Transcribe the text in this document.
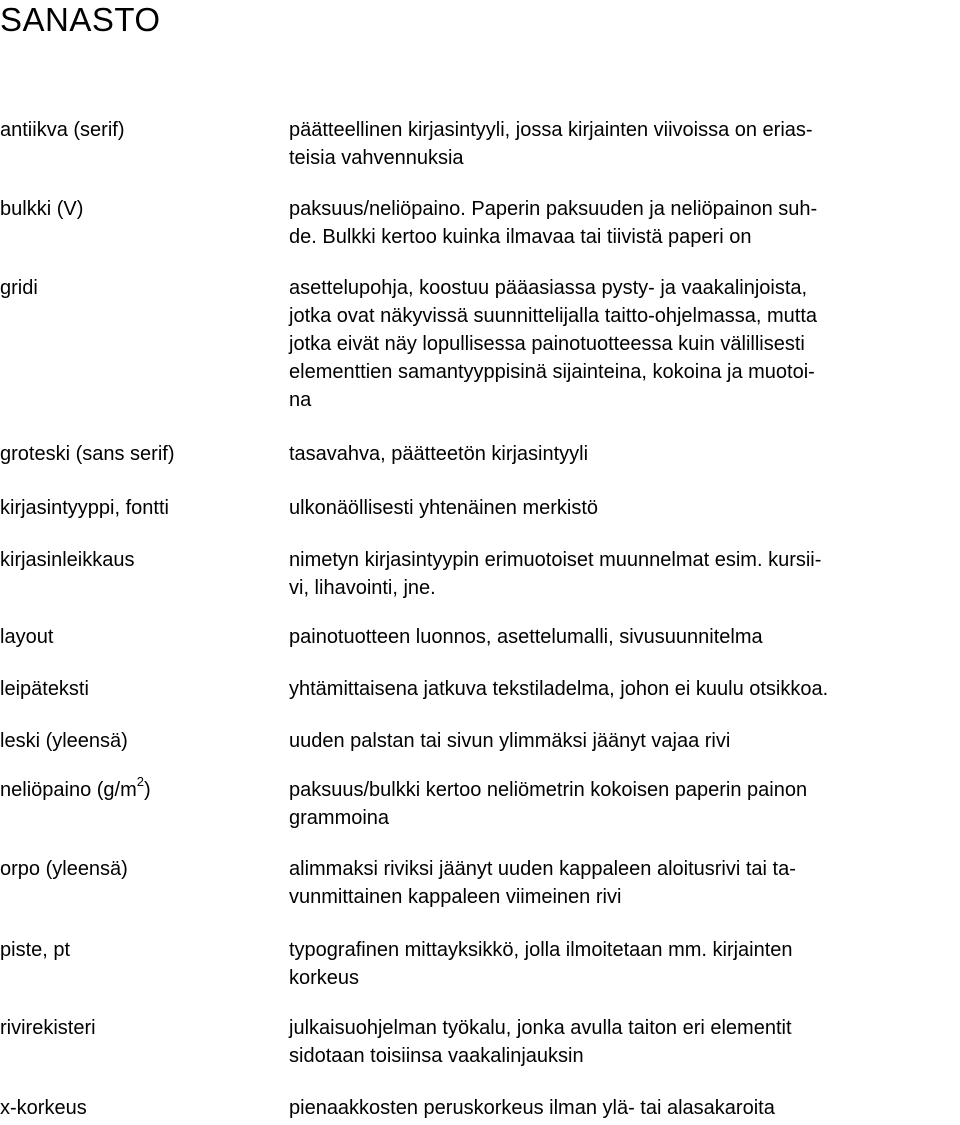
SANASTO
antiikva (serif)	päätteellinen kirjasintyyli, jossa kirjainten viivoissa on erias-
teisia vahvennuksia
bulkki (V)	paksuus/neliöpaino. Paperin paksuuden ja neliöpainon suh-
de. Bulkki kertoo kuinka ilmavaa tai tiivistä paperi on
gridi	asettelupohja, koostuu pääasiassa pysty- ja vaakalinjoista,
jotka ovat näkyvissä suunnittelijalla taitto-ohjelmassa, mutta
jotka eivät näy lopullisessa painotuotteessa kuin välillisesti
elementtien samantyyppisinä sijainteina, kokoina ja muotoi-
na
groteski (sans serif)	tasavahva, päätteetön kirjasintyyli
kirjasintyyppi, fontti	ulkonäöllisesti yhtenäinen merkistö
kirjasinleikkaus	nimetyn kirjasintyypin erimuotoiset muunnelmat esim. kursii-
vi, lihavointi, jne.
layout	painotuotteen luonnos, asettelumalli, sivusuunnitelma
leipäteksti	yhtämittaisena jatkuva tekstiladelma, johon ei kuulu otsikkoa.
leski (yleensä)	uuden palstan tai sivun ylimmäksi jäänyt vajaa rivi
neliöpaino $(g/m^2)$	paksuus/bulkki kertoo neliömetrin kokoisen paperin painon
grammoina
orpo (yleensä)	alimmaksi riviksi jäänyt uuden kappaleen aloitusrivi tai ta-
vunmittainen kappaleen viimeinen rivi
piste, pt	typografinen mittayksikkö, jolla ilmoitetaan mm. kirjainten
korkeus
rivirekisteri	julkaisuohjelman työkalu, jonka avulla taiton eri elementit
sidotaan toisiinsa vaakalinjauksin
x-korkeus	pienaakkosten peruskorkeus ilman ylä- tai alasakaroita
